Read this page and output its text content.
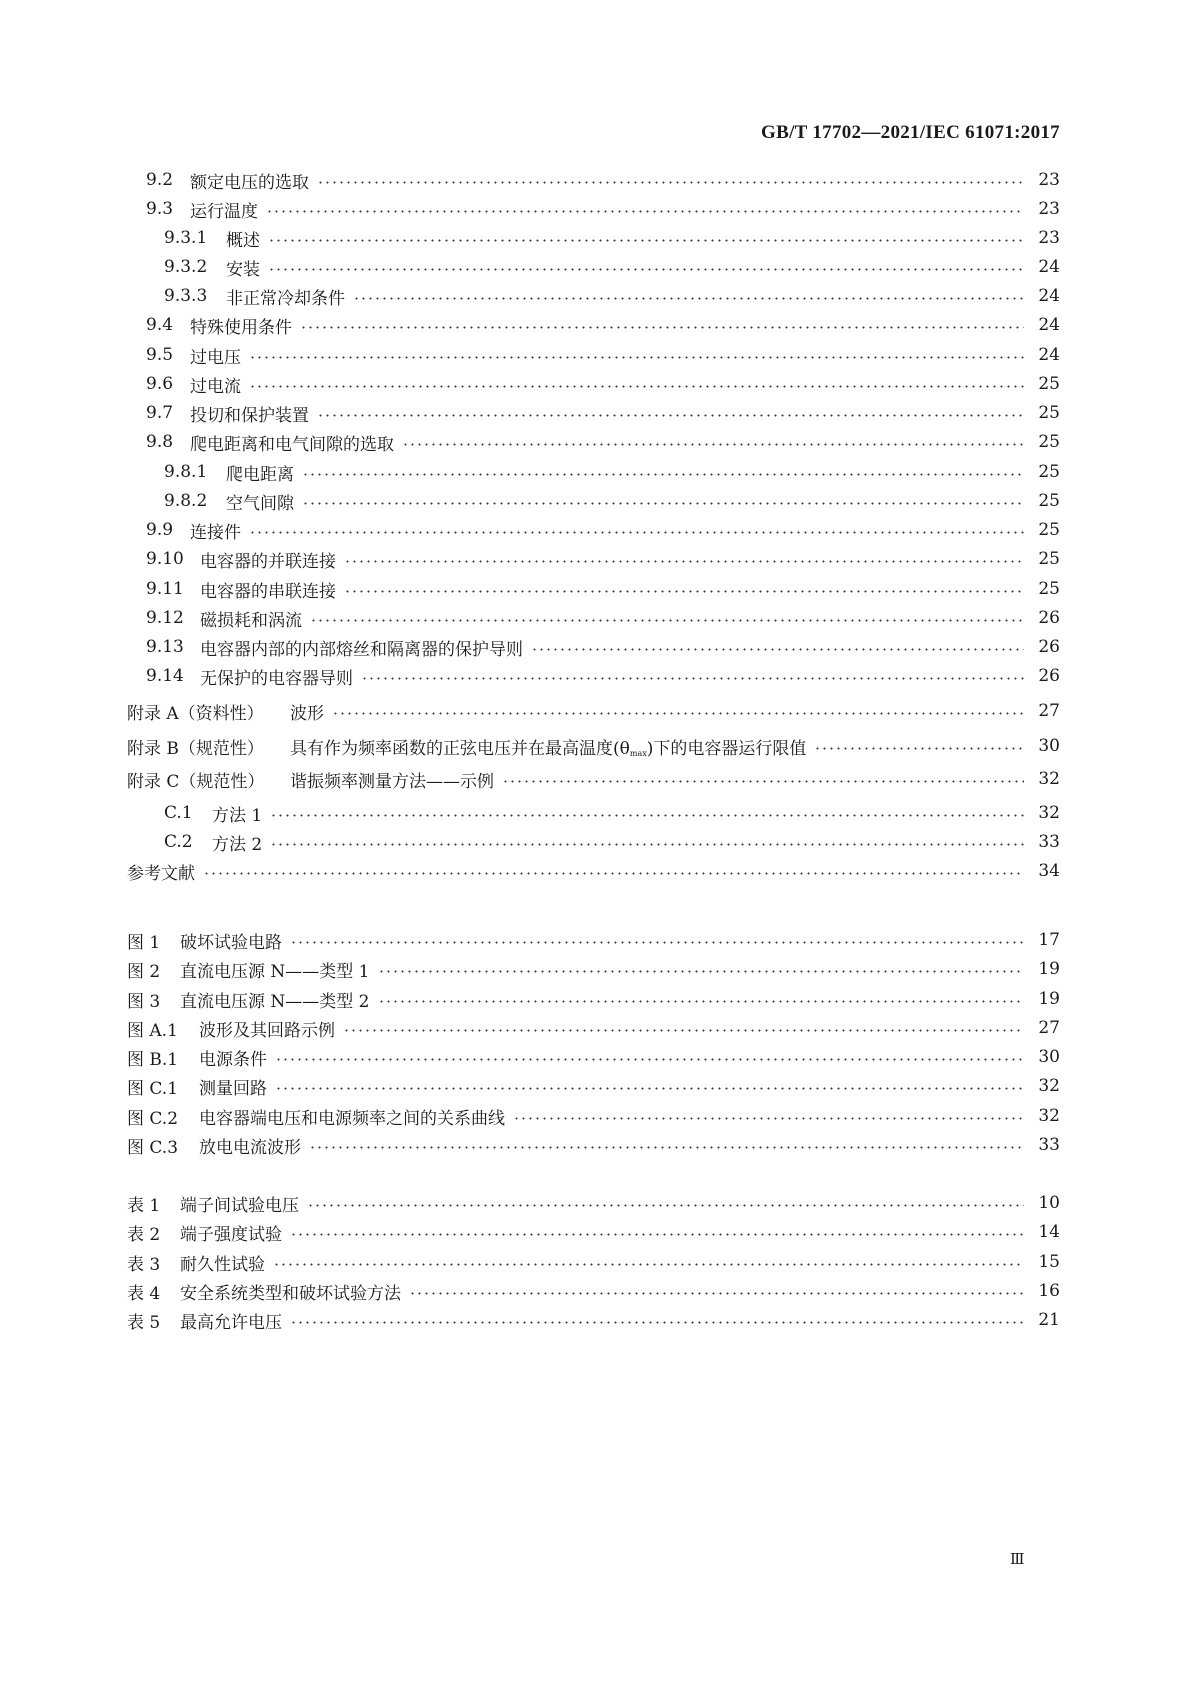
GB/T 17702—2021/IEC 61071:2017
9.2 额定电压的选取	23
9.3 运行温度	23
9.3.1	概述	23
9.3.2	安装	24
9.3.3	非正常冷却条件	24
9.4 特殊使用条件	24
9.5 过电压	24
9.6 过电流	25
9.7 投切和保护装置	25
9.8 爬电距离和电气间隙的选取	25
9.8.1	爬电距离	25
9.8.2	空气间隙	25
9.9 连接件	25
9.10 电容器的并联连接	25
9.11 电容器的串联连接	25
9.12 磁损耗和涡流	26
9.13 电容器内部的内部熔丝和隔离器的保护导则	26
9.14 无保护的电容器导则	26
附录 A（资料性）	波形	27
附录 B（规范性）	具有作为频率函数的正弦电压并在最高温度$(\theta_{max})$下的电容器运行限值	30
附录 C（规范性）	谐振频率测量方法——示例	32
C.1	方法 1	32
C.2	方法 2	33
参考文献	34
图 1	破坏试验电路	17
图 2	直流电压源 N——类型 1	19
图 3	直流电压源 N——类型 2	19
图 A.1	波形及其回路示例	27
图 B.1	电源条件	30
图 C.1	测量回路	32
图 C.2	电容器端电压和电源频率之间的关系曲线	32
图 C.3	放电电流波形	33
表 1	端子间试验电压	10
表 2	端子强度试验	14
表 3	耐久性试验	15
表 4	安全系统类型和破坏试验方法	16
表 5	最高允许电压	21
Ⅲ
